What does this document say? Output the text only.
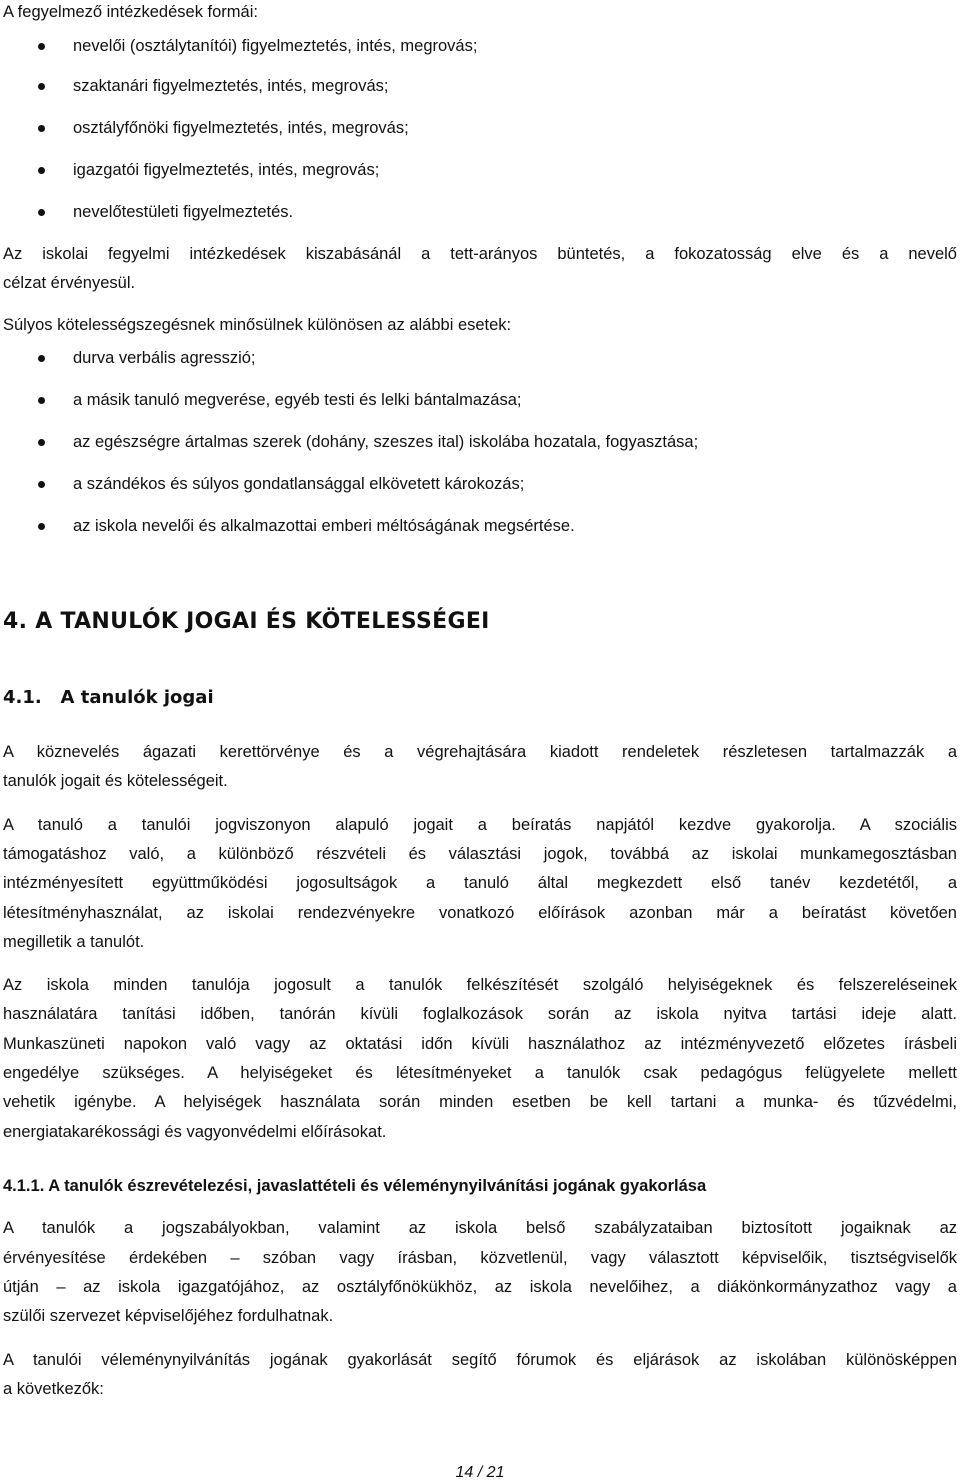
A fegyelmező intézkedések formái:
nevelői (osztálytanítói) figyelmeztetés, intés, megrovás;
szaktanári figyelmeztetés, intés, megrovás;
osztályfőnöki figyelmeztetés, intés, megrovás;
igazgatói figyelmeztetés, intés, megrovás;
nevelőtestületi figyelmeztetés.
Az iskolai fegyelmi intézkedések kiszabásánál a tett-arányos büntetés, a fokozatosság elve és a nevelő
célzat érvényesül.
Súlyos kötelességszegésnek minősülnek különösen az alábbi esetek:
durva verbális agresszió;
a másik tanuló megverése, egyéb testi és lelki bántalmazása;
az egészségre ártalmas szerek (dohány, szeszes ital) iskolába hozatala, fogyasztása;
a szándékos és súlyos gondatlansággal elkövetett károkozás;
az iskola nevelői és alkalmazottai emberi méltóságának megsértése.
4. A TANULÓK JOGAI ÉS KÖTELESSÉGEI
4.1.   A tanulók jogai
A köznevelés ágazati kerettörvénye és a végrehajtására kiadott rendeletek részletesen tartalmazzák a
tanulók jogait és kötelességeit.
A tanuló a tanulói jogviszonyon alapuló jogait a beíratás napjától kezdve gyakorolja. A szociális
támogatáshoz való, a különböző részvételi és választási jogok, továbbá az iskolai munkamegosztásban
intézményesített együttműködési jogosultságok a tanuló által megkezdett első tanév kezdetétől, a
létesítményhasználat, az iskolai rendezvényekre vonatkozó előírások azonban már a beíratást követően
megilletik a tanulót.
Az iskola minden tanulója jogosult a tanulók felkészítését szolgáló helyiségeknek és felszereléseinek
használatára tanítási időben, tanórán kívüli foglalkozások során az iskola nyitva tartási ideje alatt.
Munkaszüneti napokon való vagy az oktatási időn kívüli használathoz az intézményvezető előzetes írásbeli
engedélye szükséges. A helyiségeket és létesítményeket a tanulók csak pedagógus felügyelete mellett
vehetik igénybe. A helyiségek használata során minden esetben be kell tartani a munka- és tűzvédelmi,
energiatakarékossági és vagyonvédelmi előírásokat.
4.1.1. A tanulók észrevételezési, javaslattételi és véleménynyilvánítási jogának gyakorlása
A tanulók a jogszabályokban, valamint az iskola belső szabályzataiban biztosított jogaiknak az
érvényesítése érdekében – szóban vagy írásban, közvetlenül, vagy választott képviselőik, tisztségviselők
útján – az iskola igazgatójához, az osztályfőnökükhöz, az iskola nevelőihez, a diákönkormányzathoz vagy a
szülői szervezet képviselőjéhez fordulhatnak.
A tanulói véleménynyilvánítás jogának gyakorlását segítő fórumok és eljárások az iskolában különösképpen
a következők:
14 / 21
